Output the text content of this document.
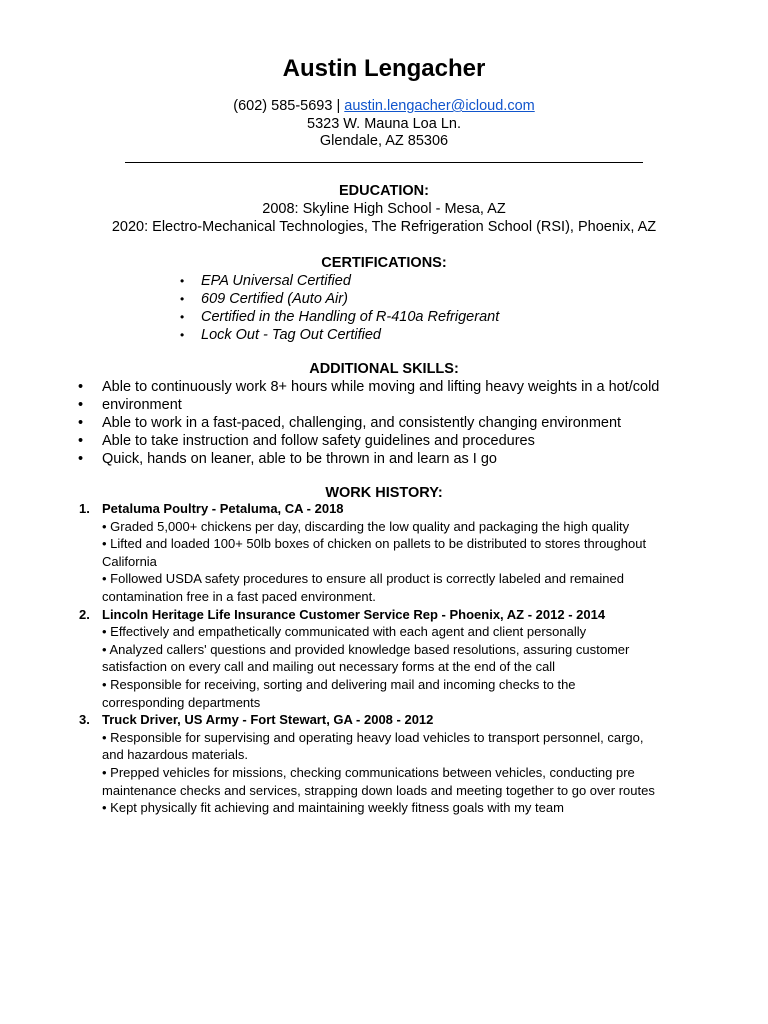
Austin Lengacher
(602) 585-5693 | austin.lengacher@icloud.com
5323 W. Mauna Loa Ln.
Glendale, AZ 85306
EDUCATION:
2008: Skyline High School - Mesa, AZ
2020: Electro-Mechanical Technologies, The Refrigeration School (RSI), Phoenix, AZ
CERTIFICATIONS:
• EPA Universal Certified
• 609 Certified (Auto Air)
• Certified in the Handling of R-410a Refrigerant
• Lock Out - Tag Out Certified
ADDITIONAL SKILLS:
• Able to continuously work 8+ hours while moving and lifting heavy weights in a hot/cold
• environment
• Able to work in a fast-paced, challenging, and consistently changing environment
• Able to take instruction and follow safety guidelines and procedures
• Quick, hands on leaner, able to be thrown in and learn as I go
WORK HISTORY:
1. Petaluma Poultry - Petaluma, CA - 2018
• Graded 5,000+ chickens per day, discarding the low quality and packaging the high quality
• Lifted and loaded 100+ 50lb boxes of chicken on pallets to be distributed to stores throughout
California
• Followed USDA safety procedures to ensure all product is correctly labeled and remained
contamination free in a fast paced environment.
2. Lincoln Heritage Life Insurance Customer Service Rep - Phoenix, AZ - 2012 - 2014
• Effectively and empathetically communicated with each agent and client personally
• Analyzed callers' questions and provided knowledge based resolutions, assuring customer
satisfaction on every call and mailing out necessary forms at the end of the call
• Responsible for receiving, sorting and delivering mail and incoming checks to the
corresponding departments
3. Truck Driver, US Army - Fort Stewart, GA - 2008 - 2012
• Responsible for supervising and operating heavy load vehicles to transport personnel, cargo,
and hazardous materials.
• Prepped vehicles for missions, checking communications between vehicles, conducting pre
maintenance checks and services, strapping down loads and meeting together to go over routes
• Kept physically fit achieving and maintaining weekly fitness goals with my team
